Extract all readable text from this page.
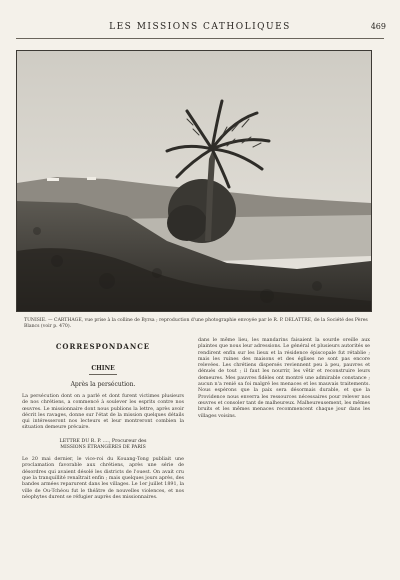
LES MISSIONS CATHOLIQUES	469
TUNISIE. — CARTHAGE, vue prise à la colline de Byrsa ; reproduction d'une photographie envoyée par le R. P. DELATTRE, de la Société des Pères Blancs (voir p. 470).
CORRESPONDANCE
CHINE
Après la persécution.
La persécution dont on a parlé et dont furent victimes plusieurs de nos chrétiens, a commencé à soulever les esprits contre nos œuvres. Le missionnaire dont nous publions la lettre, après avoir décrit les ravages, donne sur l'état de la mission quelques détails qui intéresseront nos lecteurs et leur montreront combien la situation demeure précaire.
LETTRE DU R. P. ...., Procureur des
MISSIONS ÉTRANGÈRES DE PARIS
Le 20 mai dernier, le vice-roi du Kouang-Tong publiait une proclamation favorable aux chrétiens, après une série de désordres qui avaient désolé les districts de l'ouest. On avait cru que la tranquillité renaîtrait enfin ; mais quelques jours après, des bandes armées reparurent dans les villages. Le 1er juillet 1891, la ville de Ou-Tchéou fut le théâtre de nouvelles violences, et nos néophytes durent se réfugier auprès des missionnaires.
dans le même lieu, les mandarins faisaient la sourde oreille aux plaintes que nous leur adressions. Le général et plusieurs autorités se rendirent enfin sur les lieux et la résidence épiscopale fut rétablie ; mais les ruines des maisons et des églises ne sont pas encore relevées. Les chrétiens dispersés reviennent peu à peu, pauvres et dénués de tout ; il faut les nourrir, les vêtir et reconstruire leurs demeures. Mes pauvres fidèles ont montré une admirable constance ; aucun n'a renié sa foi malgré les menaces et les mauvais traitements. Nous espérons que la paix sera désormais durable, et que la Providence nous enverra les ressources nécessaires pour relever nos œuvres et consoler tant de malheureux. Malheureusement, les mêmes bruits et les mêmes menaces recommencent chaque jour dans les villages voisins.
